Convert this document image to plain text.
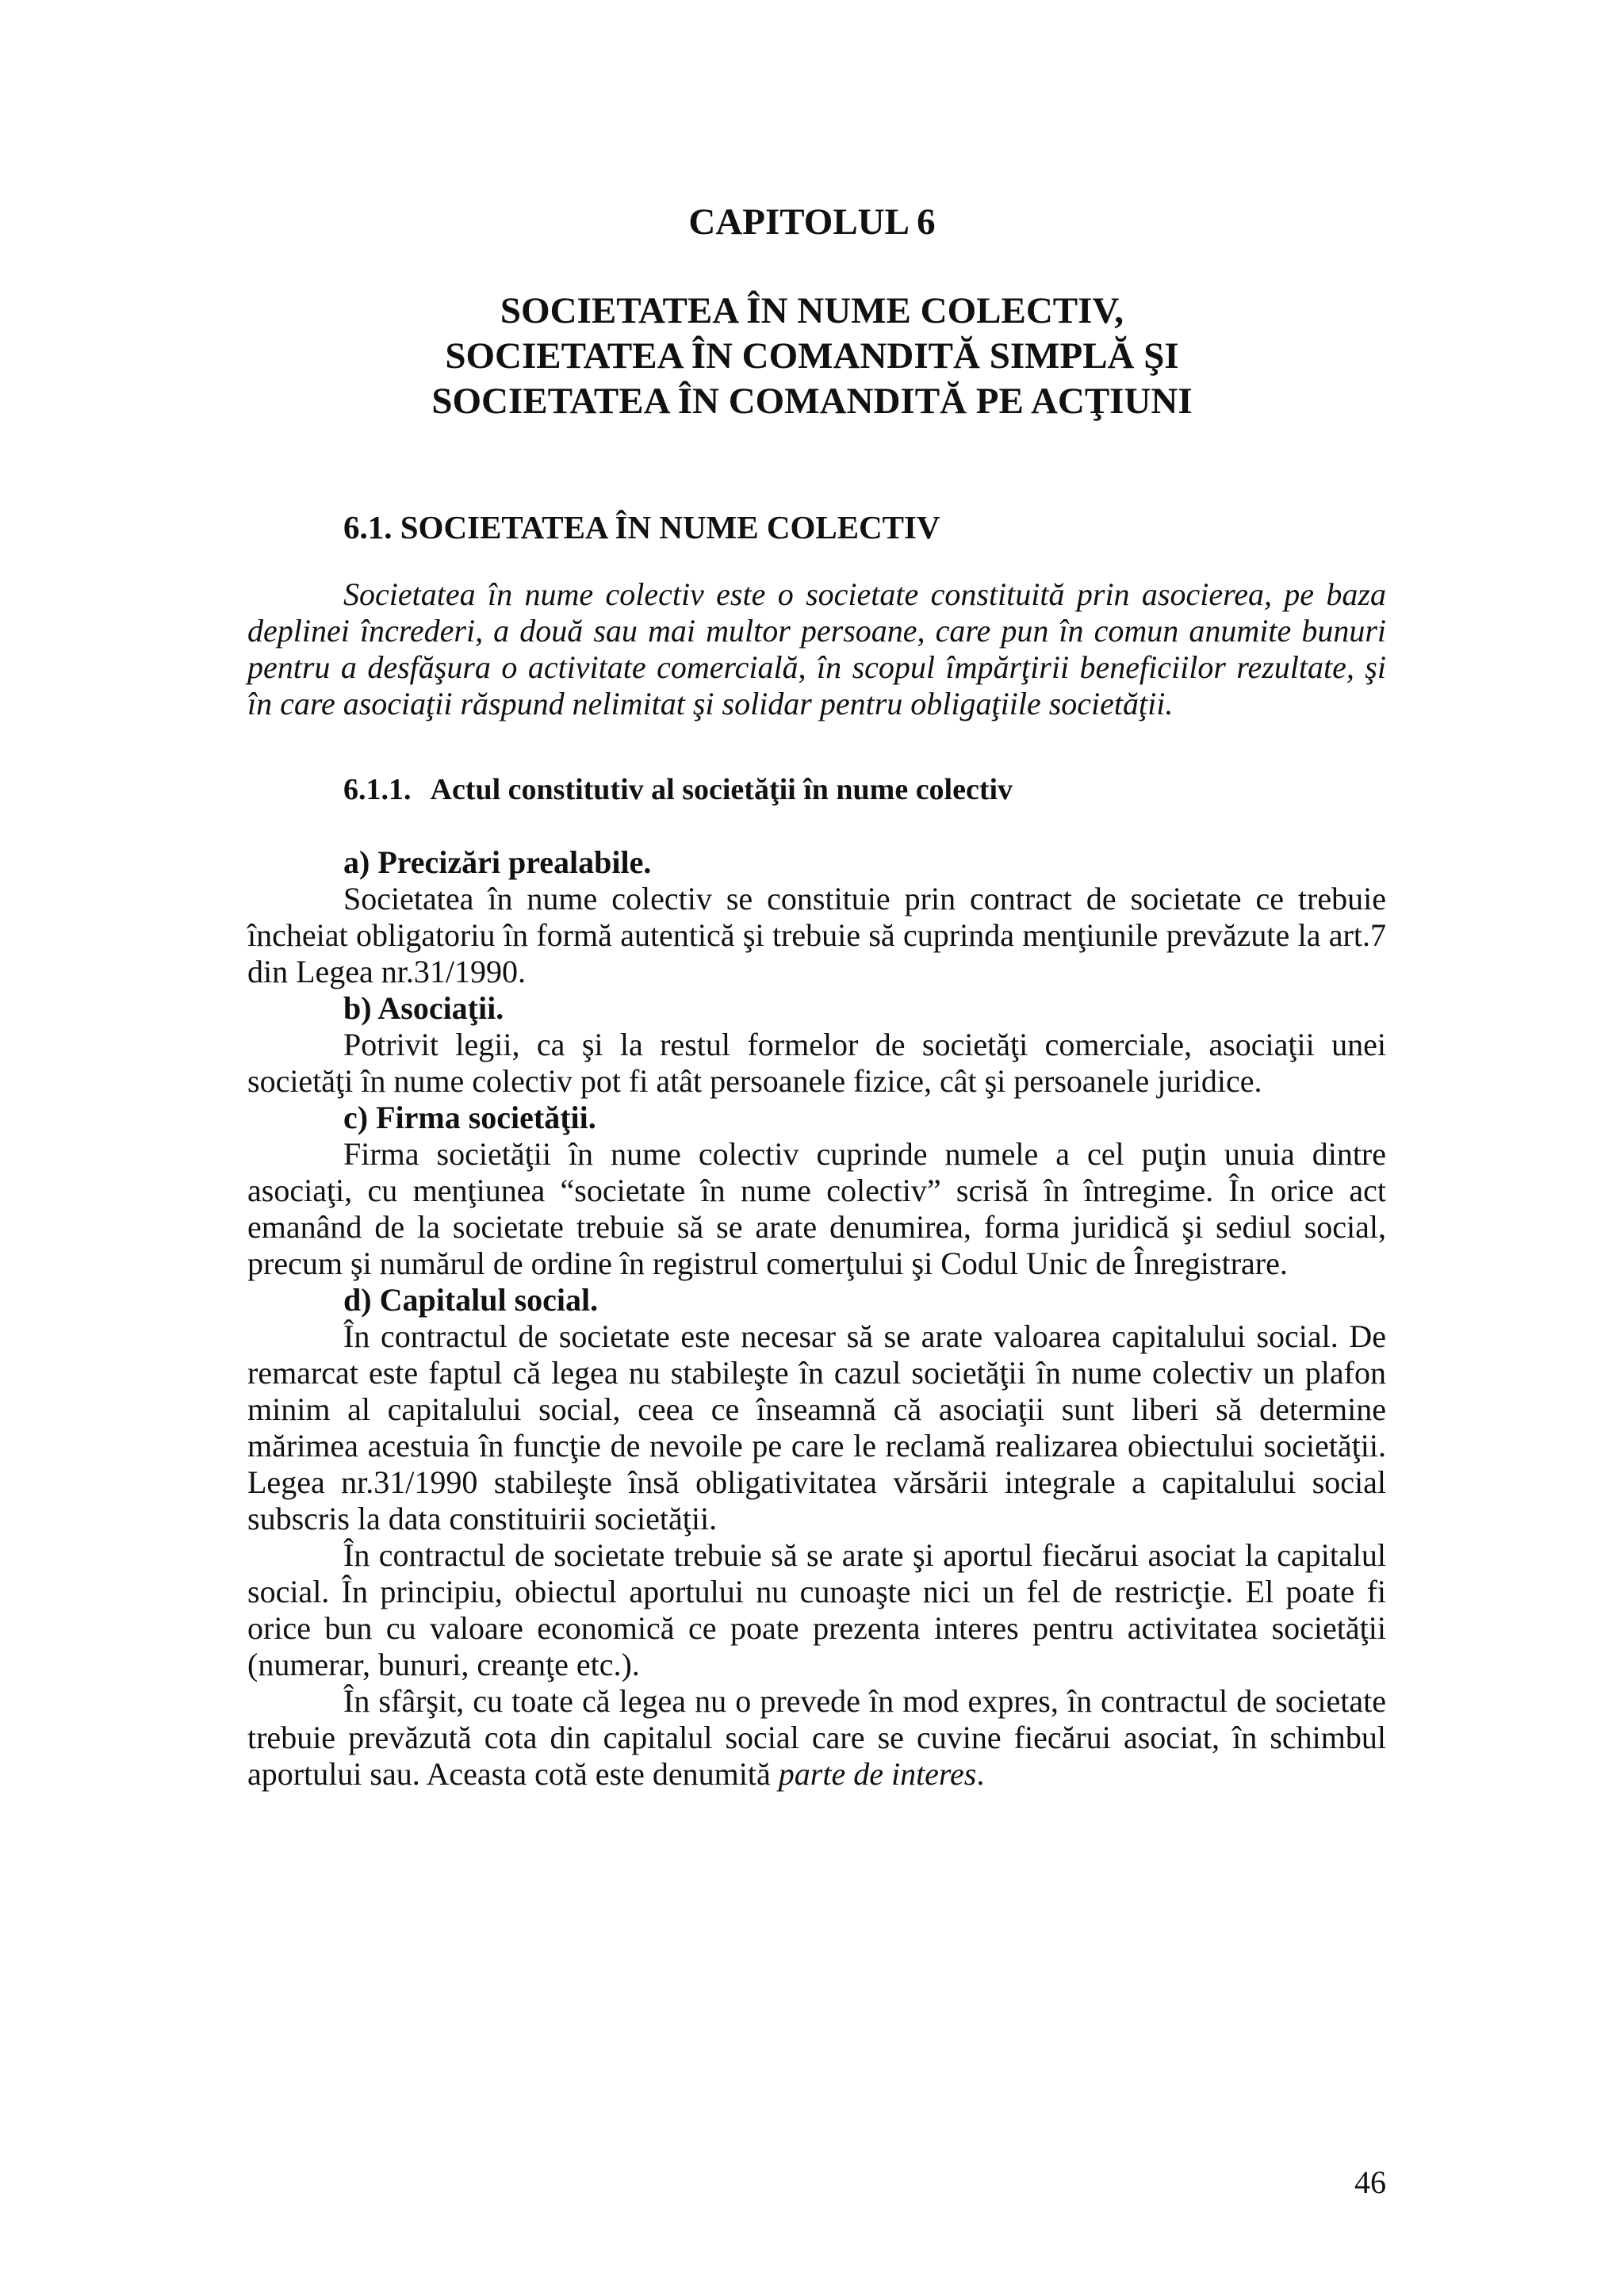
CAPITOLUL 6
SOCIETATEA ÎN NUME COLECTIV,
SOCIETATEA ÎN COMANDITĂ SIMPLĂ ŞI
SOCIETATEA ÎN COMANDITĂ PE ACŢIUNI
6.1. SOCIETATEA ÎN NUME COLECTIV
Societatea în nume colectiv este o societate constituită prin asocierea, pe baza deplinei încrederi, a două sau mai multor persoane, care pun în comun anumite bunuri pentru a desfăşura o activitate comercială, în scopul împărţirii beneficiilor rezultate, şi în care asociaţii răspund nelimitat şi solidar pentru obligaţiile societăţii.
6.1.1. Actul constitutiv al societăţii în nume colectiv
a) Precizări prealabile.
Societatea în nume colectiv se constituie prin contract de societate ce trebuie încheiat obligatoriu în formă autentică şi trebuie să cuprinda menţiunile prevăzute la art.7 din Legea nr.31/1990.
b) Asociaţii.
Potrivit legii, ca şi la restul formelor de societăţi comerciale, asociaţii unei societăţi în nume colectiv pot fi atât persoanele fizice, cât şi persoanele juridice.
c) Firma societăţii.
Firma societăţii în nume colectiv cuprinde numele a cel puţin unuia dintre asociaţi, cu menţiunea “societate în nume colectiv” scrisă în întregime. În orice act emanând de la societate trebuie să se arate denumirea, forma juridică şi sediul social, precum şi numărul de ordine în registrul comerţului şi Codul Unic de Înregistrare.
d) Capitalul social.
În contractul de societate este necesar să se arate valoarea capitalului social. De remarcat este faptul că legea nu stabileşte în cazul societăţii în nume colectiv un plafon minim al capitalului social, ceea ce înseamnă că asociaţii sunt liberi să determine mărimea acestuia în funcţie de nevoile pe care le reclamă realizarea obiectului societăţii. Legea nr.31/1990 stabileşte însă obligativitatea vărsării integrale a capitalului social subscris la data constituirii societăţii.
În contractul de societate trebuie să se arate şi aportul fiecărui asociat la capitalul social. În principiu, obiectul aportului nu cunoaşte nici un fel de restricţie. El poate fi orice bun cu valoare economică ce poate prezenta interes pentru activitatea societăţii (numerar, bunuri, creanţe etc.).
În sfârşit, cu toate că legea nu o prevede în mod expres, în contractul de societate trebuie prevăzută cota din capitalul social care se cuvine fiecărui asociat, în schimbul aportului sau. Aceasta cotă este denumită parte de interes.
46
